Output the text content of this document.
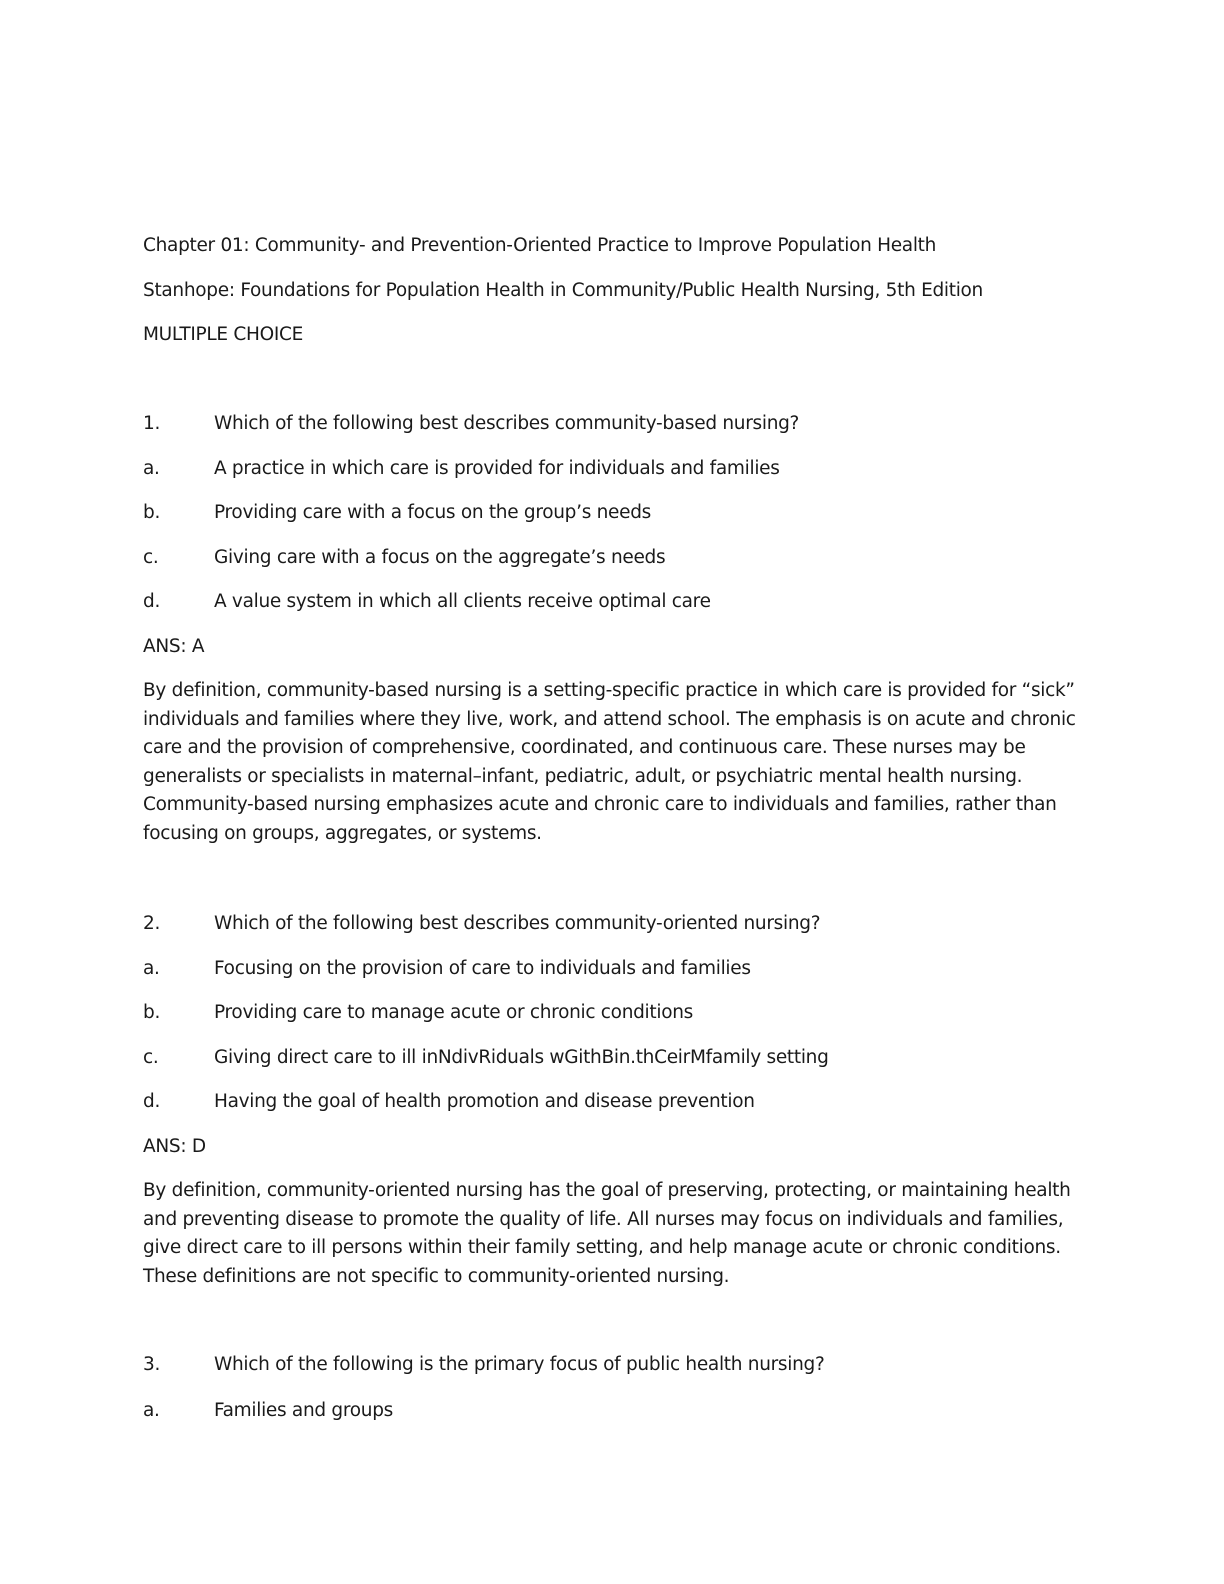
Chapter 01: Community- and Prevention-Oriented Practice to Improve Population Health
Stanhope: Foundations for Population Health in Community/Public Health Nursing, 5th Edition
MULTIPLE CHOICE
1.	Which of the following best describes community-based nursing?
a.	A practice in which care is provided for individuals and families
b.	Providing care with a focus on the group’s needs
c.	Giving care with a focus on the aggregate’s needs
d.	A value system in which all clients receive optimal care
ANS: A
By definition, community-based nursing is a setting-specific practice in which care is provided for “sick”
individuals and families where they live, work, and attend school. The emphasis is on acute and chronic
care and the provision of comprehensive, coordinated, and continuous care. These nurses may be
generalists or specialists in maternal–infant, pediatric, adult, or psychiatric mental health nursing.
Community-based nursing emphasizes acute and chronic care to individuals and families, rather than
focusing on groups, aggregates, or systems.
2.	Which of the following best describes community-oriented nursing?
a.	Focusing on the provision of care to individuals and families
b.	Providing care to manage acute or chronic conditions
c.	Giving direct care to ill inNdivRiduals wGithBin.thCeirMfamily setting
d.	Having the goal of health promotion and disease prevention
ANS: D
By definition, community-oriented nursing has the goal of preserving, protecting, or maintaining health
and preventing disease to promote the quality of life. All nurses may focus on individuals and families,
give direct care to ill persons within their family setting, and help manage acute or chronic conditions.
These definitions are not specific to community-oriented nursing.
3.	Which of the following is the primary focus of public health nursing?
a.	Families and groups
